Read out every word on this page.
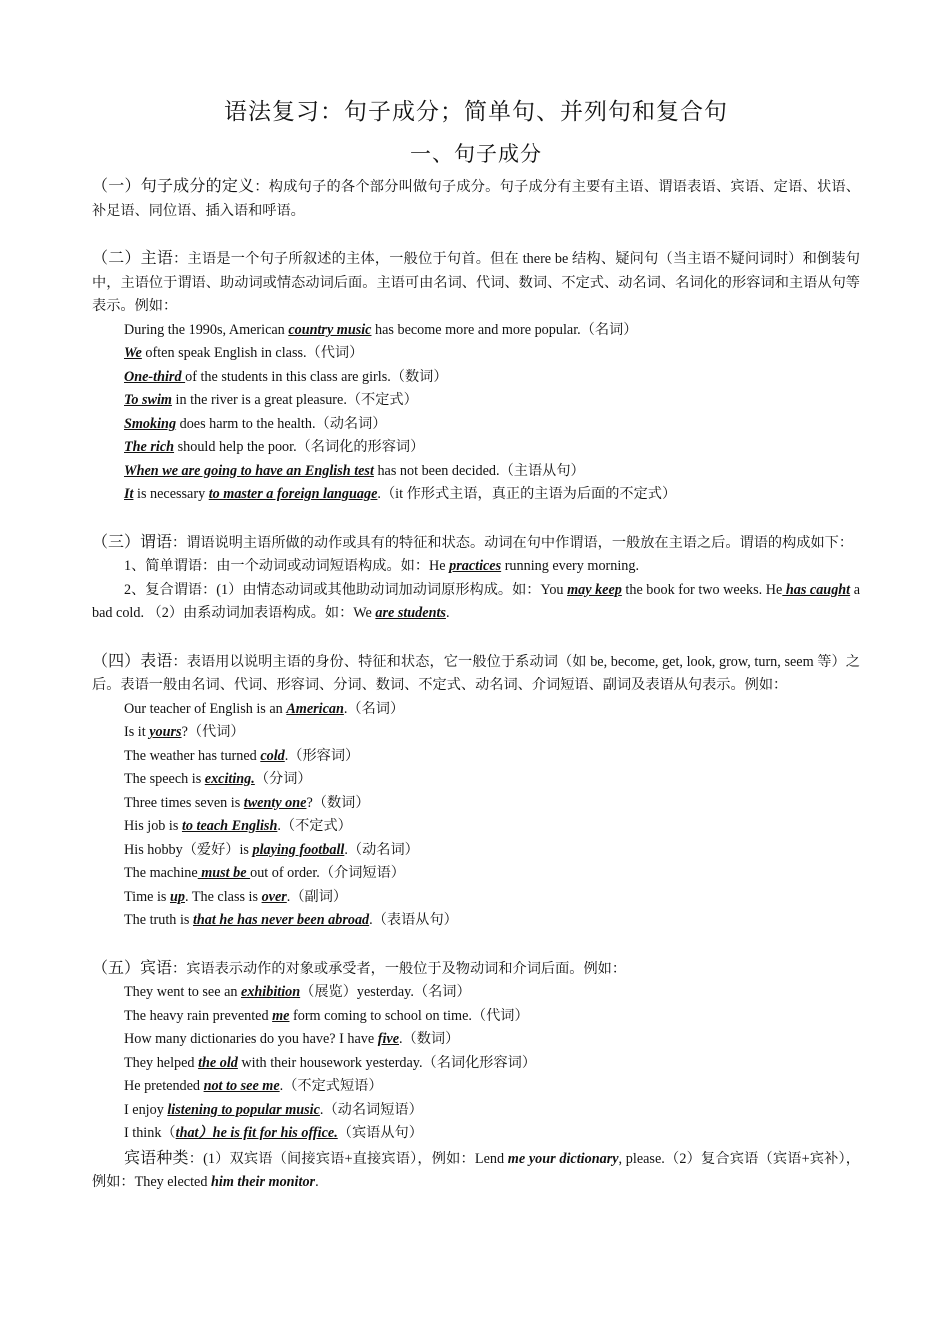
语法复习：句子成分；简单句、并列句和复合句

一、句子成分

（一）句子成分的定义：构成句子的各个部分叫做句子成分。句子成分有主要有主语、谓语表语、宾语、定语、状语、补足语、同位语、插入语和呼语。

（二）主语：主语是一个句子所叙述的主体，一般位于句首。但在 there be 结构、疑问句（当主语不疑问词时）和倒装句中，主语位于谓语、助动词或情态动词后面。主语可由名词、代词、数词、不定式、动名词、名词化的形容词和主语从句等表示。例如：

During the 1990s, American country music has become more and more popular.（名词）

We often speak English in class.（代词）

One-third of the students in this class are girls.（数词）

To swim in the river is a great pleasure.（不定式）

Smoking does harm to the health.（动名词）

The rich should help the poor.（名词化的形容词）

When we are going to have an English test has not been decided.（主语从句）

It is necessary to master a foreign language.（it 作形式主语，真正的主语为后面的不定式）

（三）谓语：谓语说明主语所做的动作或具有的特征和状态。动词在句中作谓语，一般放在主语之后。谓语的构成如下：

1、简单谓语：由一个动词或动词短语构成。如：He practices running every morning.

2、复合谓语：(1）由情态动词或其他助动词加动词原形构成。如：You may keep the book for two weeks. He has caught a bad cold. （2）由系动词加表语构成。如：We are students.

（四）表语：表语用以说明主语的身份、特征和状态，它一般位于系动词（如 be, become, get, look, grow, turn, seem 等）之后。表语一般由名词、代词、形容词、分词、数词、不定式、动名词、介词短语、副词及表语从句表示。例如：

Our teacher of English is an American.（名词）

Is it yours?（代词）

The weather has turned cold.（形容词）

The speech is exciting.（分词）

Three times seven is twenty one?（数词）

His job is to teach English.（不定式）

His hobby（爱好）is playing football.（动名词）

The machine must be out of order.（介词短语）

Time is up. The class is over.（副词）

The truth is that he has never been abroad.（表语从句）

（五）宾语：宾语表示动作的对象或承受者，一般位于及物动词和介词后面。例如：

They went to see an exhibition（展览）yesterday.（名词）

The heavy rain prevented me form coming to school on time.（代词）

How many dictionaries do you have? I have five.（数词）

They helped the old with their housework yesterday.（名词化形容词）

He pretended not to see me.（不定式短语）

I enjoy listening to popular music.（动名词短语）

I think（that）he is fit for his office.（宾语从句）

宾语种类：(1）双宾语（间接宾语+直接宾语），例如：Lend me your dictionary, please.（2）复合宾语（宾语+宾补），例如：They elected him their monitor.
